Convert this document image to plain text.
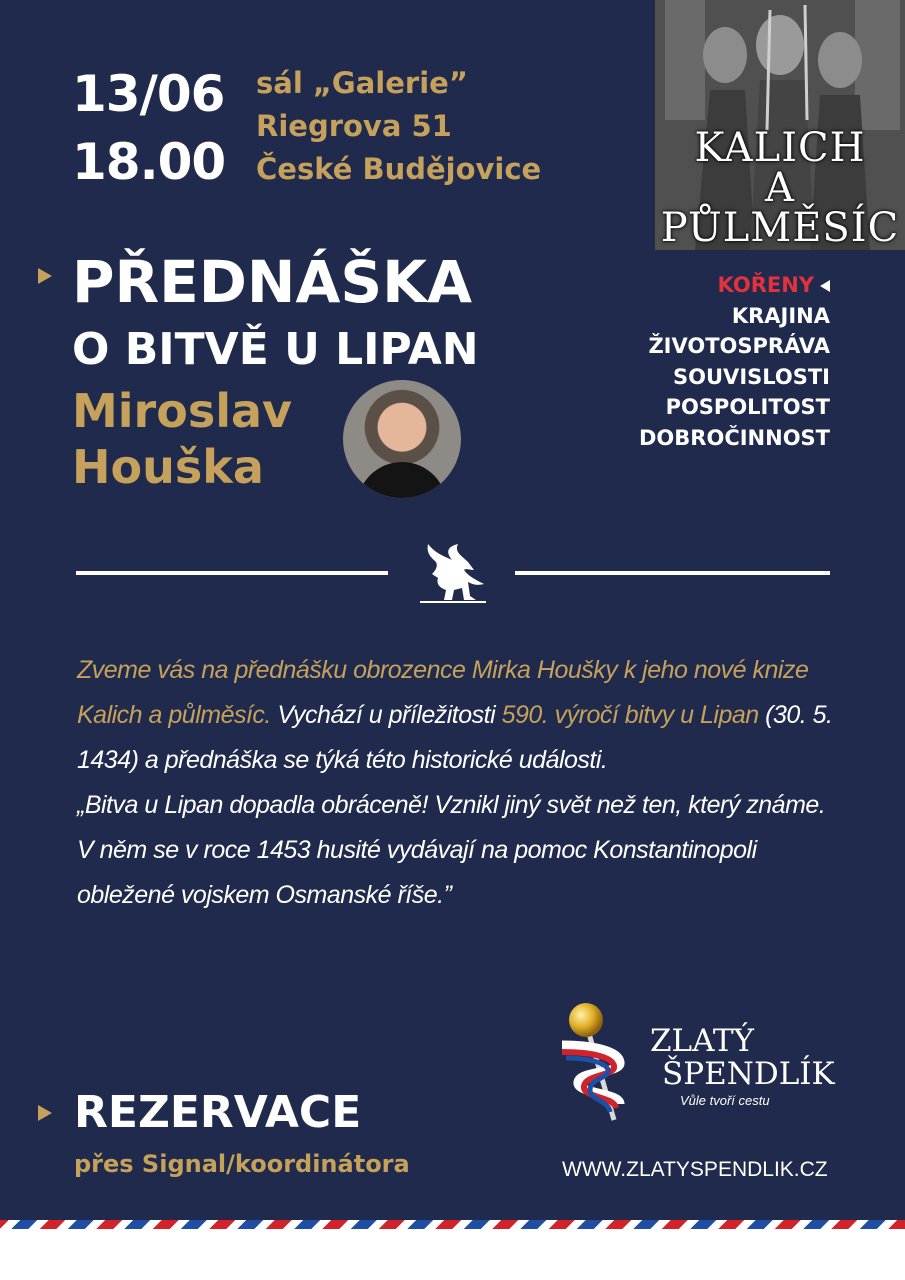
13/06
18.00
sál „Galerie”
Riegrova 51
České Budějovice	KALICH
A
PŮLMĚSÍC
PŘEDNÁŠKA
O BITVĚ U LIPAN
Miroslav
Houška
KOŘENY
KRAJINA
ŽIVOTOSPRÁVA
SOUVISLOSTI
POSPOLITOST
DOBROČINNOST
Zveme vás na přednášku obrozence Mirka Houšky k jeho nové knize Kalich a půlměsíc. Vychází u příležitosti 590. výročí bitvy u Lipan (30. 5. 1434) a přednáška se týká této historické události.
„Bitva u Lipan dopadla obráceně! Vznikl jiný svět než ten, který známe. V něm se v roce 1453 husité vydávají na pomoc Konstantinopoli obležené vojskem Osmanské říše.”
ZLATÝ
ŠPENDLÍK
Vůle tvoří cestu
REZERVACE
přes Signal/koordinátora	WWW.ZLATYSPENDLIK.CZ
